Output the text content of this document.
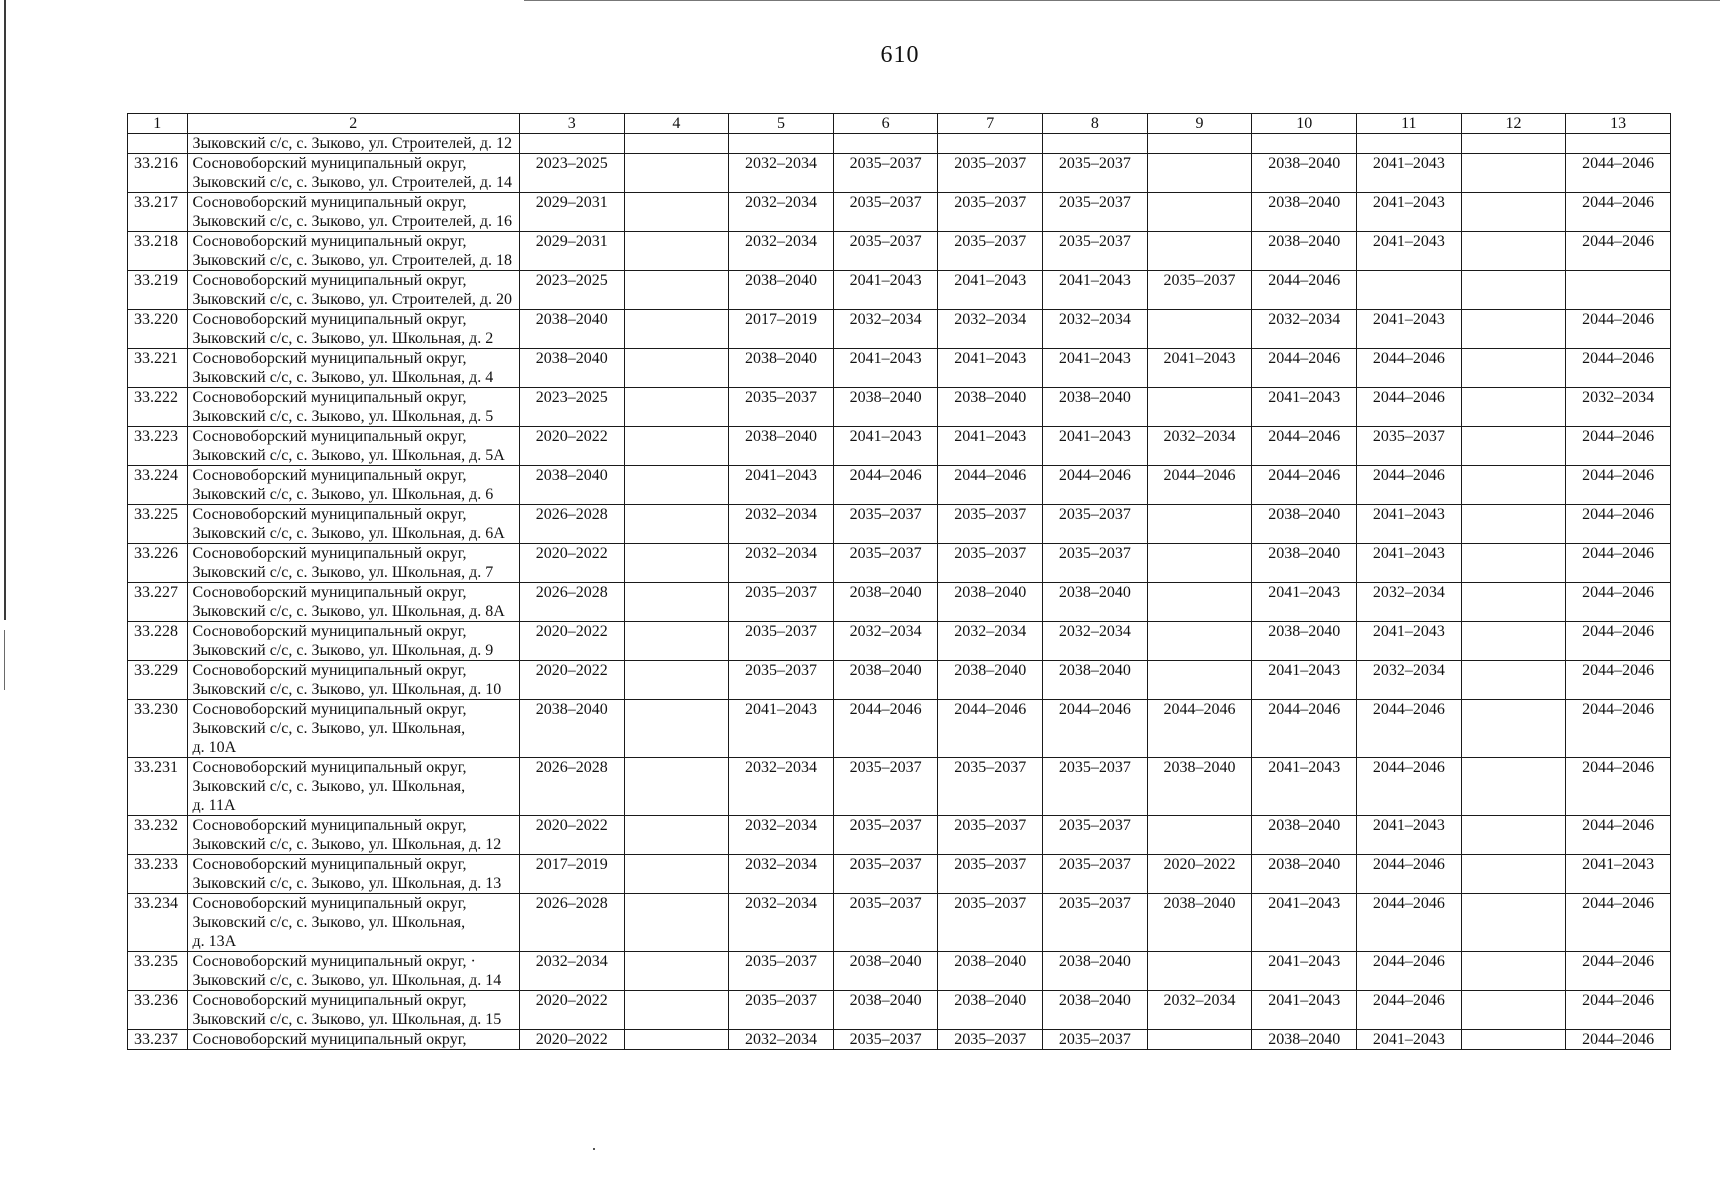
610
1	2	3	4	5	6	7	8	9	10	11	12	13
	Зыковский с/с, с. Зыково, ул. Строителей, д. 12											
33.216	Сосновоборский муниципальный округ,
Зыковский с/с, с. Зыково, ул. Строителей, д. 14	2023–2025		2032–2034	2035–2037	2035–2037	2035–2037		2038–2040	2041–2043		2044–2046
33.217	Сосновоборский муниципальный округ,
Зыковский с/с, с. Зыково, ул. Строителей, д. 16	2029–2031		2032–2034	2035–2037	2035–2037	2035–2037		2038–2040	2041–2043		2044–2046
33.218	Сосновоборский муниципальный округ,
Зыковский с/с, с. Зыково, ул. Строителей, д. 18	2029–2031		2032–2034	2035–2037	2035–2037	2035–2037		2038–2040	2041–2043		2044–2046
33.219	Сосновоборский муниципальный округ,
Зыковский с/с, с. Зыково, ул. Строителей, д. 20	2023–2025		2038–2040	2041–2043	2041–2043	2041–2043	2035–2037	2044–2046			
33.220	Сосновоборский муниципальный округ,
Зыковский с/с, с. Зыково, ул. Школьная, д. 2	2038–2040		2017–2019	2032–2034	2032–2034	2032–2034		2032–2034	2041–2043		2044–2046
33.221	Сосновоборский муниципальный округ,
Зыковский с/с, с. Зыково, ул. Школьная, д. 4	2038–2040		2038–2040	2041–2043	2041–2043	2041–2043	2041–2043	2044–2046	2044–2046		2044–2046
33.222	Сосновоборский муниципальный округ,
Зыковский с/с, с. Зыково, ул. Школьная, д. 5	2023–2025		2035–2037	2038–2040	2038–2040	2038–2040		2041–2043	2044–2046		2032–2034
33.223	Сосновоборский муниципальный округ,
Зыковский с/с, с. Зыково, ул. Школьная, д. 5А	2020–2022		2038–2040	2041–2043	2041–2043	2041–2043	2032–2034	2044–2046	2035–2037		2044–2046
33.224	Сосновоборский муниципальный округ,
Зыковский с/с, с. Зыково, ул. Школьная, д. 6	2038–2040		2041–2043	2044–2046	2044–2046	2044–2046	2044–2046	2044–2046	2044–2046		2044–2046
33.225	Сосновоборский муниципальный округ,
Зыковский с/с, с. Зыково, ул. Школьная, д. 6А	2026–2028		2032–2034	2035–2037	2035–2037	2035–2037		2038–2040	2041–2043		2044–2046
33.226	Сосновоборский муниципальный округ,
Зыковский с/с, с. Зыково, ул. Школьная, д. 7	2020–2022		2032–2034	2035–2037	2035–2037	2035–2037		2038–2040	2041–2043		2044–2046
33.227	Сосновоборский муниципальный округ,
Зыковский с/с, с. Зыково, ул. Школьная, д. 8А	2026–2028		2035–2037	2038–2040	2038–2040	2038–2040		2041–2043	2032–2034		2044–2046
33.228	Сосновоборский муниципальный округ,
Зыковский с/с, с. Зыково, ул. Школьная, д. 9	2020–2022		2035–2037	2032–2034	2032–2034	2032–2034		2038–2040	2041–2043		2044–2046
33.229	Сосновоборский муниципальный округ,
Зыковский с/с, с. Зыково, ул. Школьная, д. 10	2020–2022		2035–2037	2038–2040	2038–2040	2038–2040		2041–2043	2032–2034		2044–2046
33.230	Сосновоборский муниципальный округ,
Зыковский с/с, с. Зыково, ул. Школьная,
д. 10А	2038–2040		2041–2043	2044–2046	2044–2046	2044–2046	2044–2046	2044–2046	2044–2046		2044–2046
33.231	Сосновоборский муниципальный округ,
Зыковский с/с, с. Зыково, ул. Школьная,
д. 11А	2026–2028		2032–2034	2035–2037	2035–2037	2035–2037	2038–2040	2041–2043	2044–2046		2044–2046
33.232	Сосновоборский муниципальный округ,
Зыковский с/с, с. Зыково, ул. Школьная, д. 12	2020–2022		2032–2034	2035–2037	2035–2037	2035–2037		2038–2040	2041–2043		2044–2046
33.233	Сосновоборский муниципальный округ,
Зыковский с/с, с. Зыково, ул. Школьная, д. 13	2017–2019		2032–2034	2035–2037	2035–2037	2035–2037	2020–2022	2038–2040	2044–2046		2041–2043
33.234	Сосновоборский муниципальный округ,
Зыковский с/с, с. Зыково, ул. Школьная,
д. 13А	2026–2028		2032–2034	2035–2037	2035–2037	2035–2037	2038–2040	2041–2043	2044–2046		2044–2046
33.235	Сосновоборский муниципальный округ, ·
Зыковский с/с, с. Зыково, ул. Школьная, д. 14	2032–2034		2035–2037	2038–2040	2038–2040	2038–2040		2041–2043	2044–2046		2044–2046
33.236	Сосновоборский муниципальный округ,
Зыковский с/с, с. Зыково, ул. Школьная, д. 15	2020–2022		2035–2037	2038–2040	2038–2040	2038–2040	2032–2034	2041–2043	2044–2046		2044–2046
33.237	Сосновоборский муниципальный округ,	2020–2022		2032–2034	2035–2037	2035–2037	2035–2037		2038–2040	2041–2043		2044–2046
